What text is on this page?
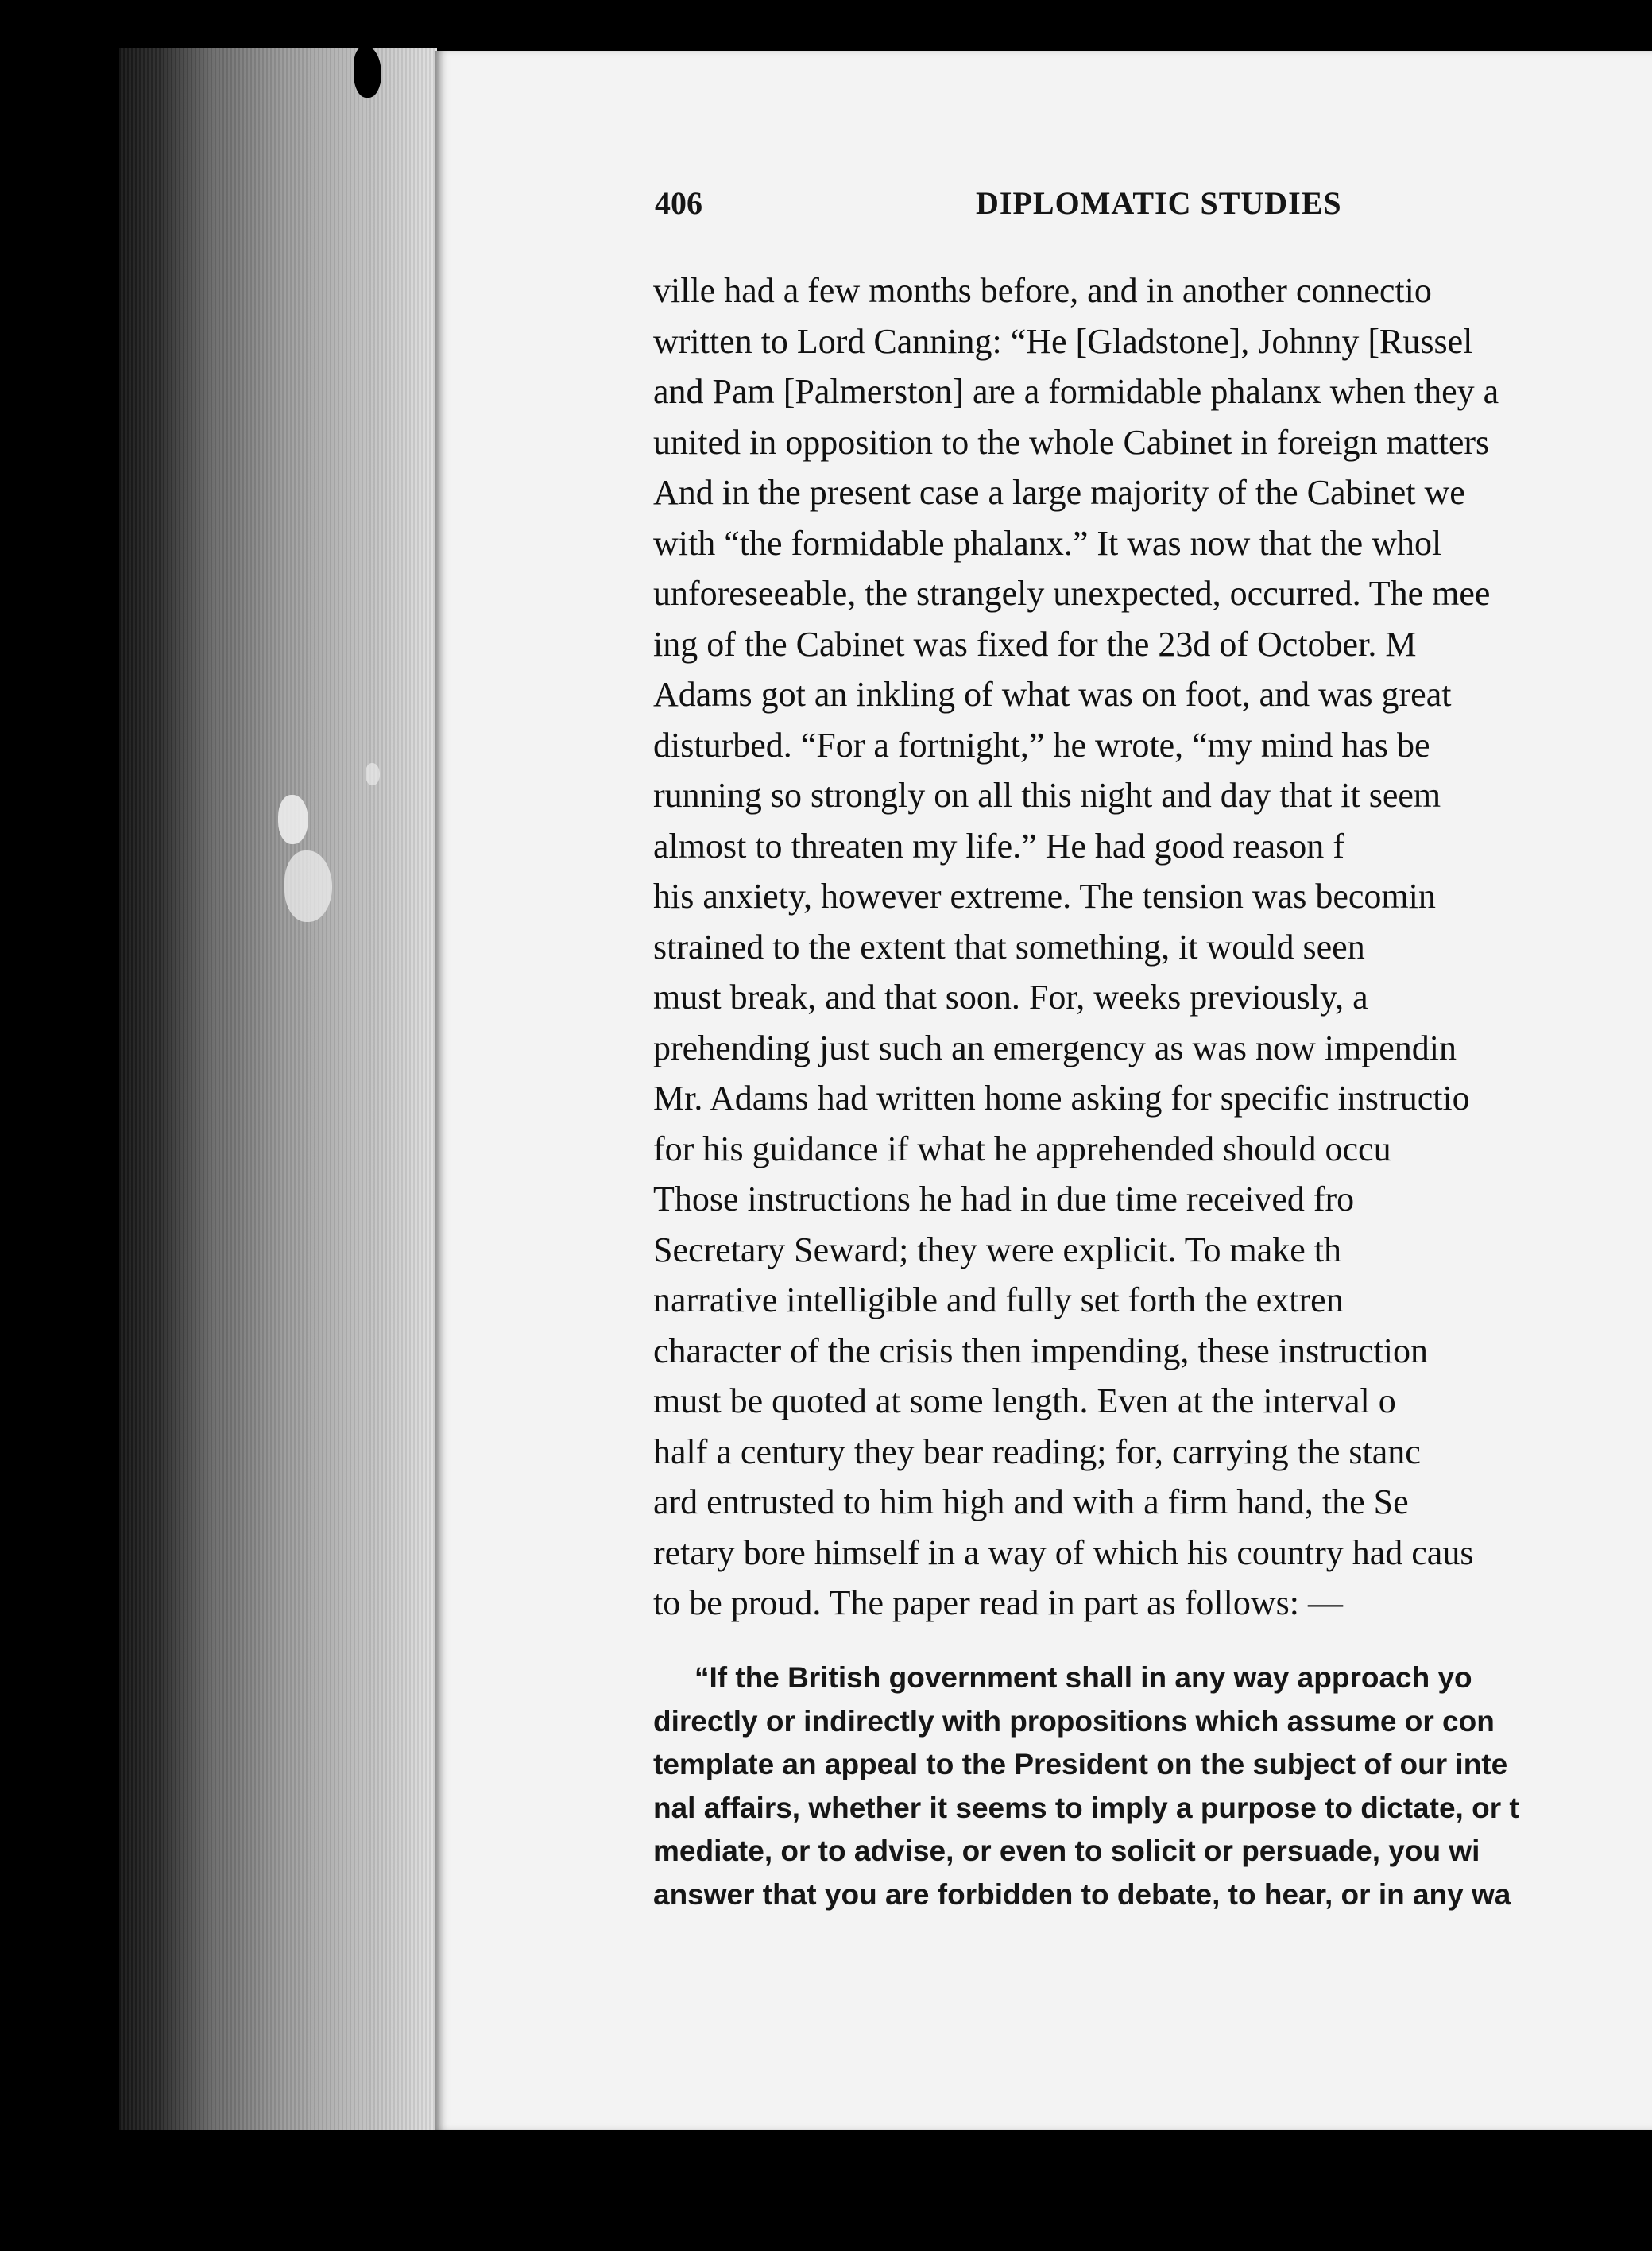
406	DIPLOMATIC STUDIES
ville had a few months before, and in another connectio
written to Lord Canning: “He [Gladstone], Johnny [Russel
and Pam [Palmerston] are a formidable phalanx when they a
united in opposition to the whole Cabinet in foreign matters
And in the present case a large majority of the Cabinet we
with “the formidable phalanx.” It was now that the whol
unforeseeable, the strangely unexpected, occurred. The mee
ing of the Cabinet was fixed for the 23d of October. M
Adams got an inkling of what was on foot, and was great
disturbed. “For a fortnight,” he wrote, “my mind has be
running so strongly on all this night and day that it seem
almost to threaten my life.” He had good reason f
his anxiety, however extreme. The tension was becomin
strained to the extent that something, it would seen
must break, and that soon. For, weeks previously, a
prehending just such an emergency as was now impendin
Mr. Adams had written home asking for specific instructio
for his guidance if what he apprehended should occu
Those instructions he had in due time received fro
Secretary Seward; they were explicit. To make th
narrative intelligible and fully set forth the extren
character of the crisis then impending, these instruction
must be quoted at some length. Even at the interval o
half a century they bear reading; for, carrying the stanc
ard entrusted to him high and with a firm hand, the Se
retary bore himself in a way of which his country had caus
to be proud. The paper read in part as follows: —
“If the British government shall in any way approach yo
directly or indirectly with propositions which assume or con
template an appeal to the President on the subject of our inte
nal affairs, whether it seems to imply a purpose to dictate, or t
mediate, or to advise, or even to solicit or persuade, you wi
answer that you are forbidden to debate, to hear, or in any wa
